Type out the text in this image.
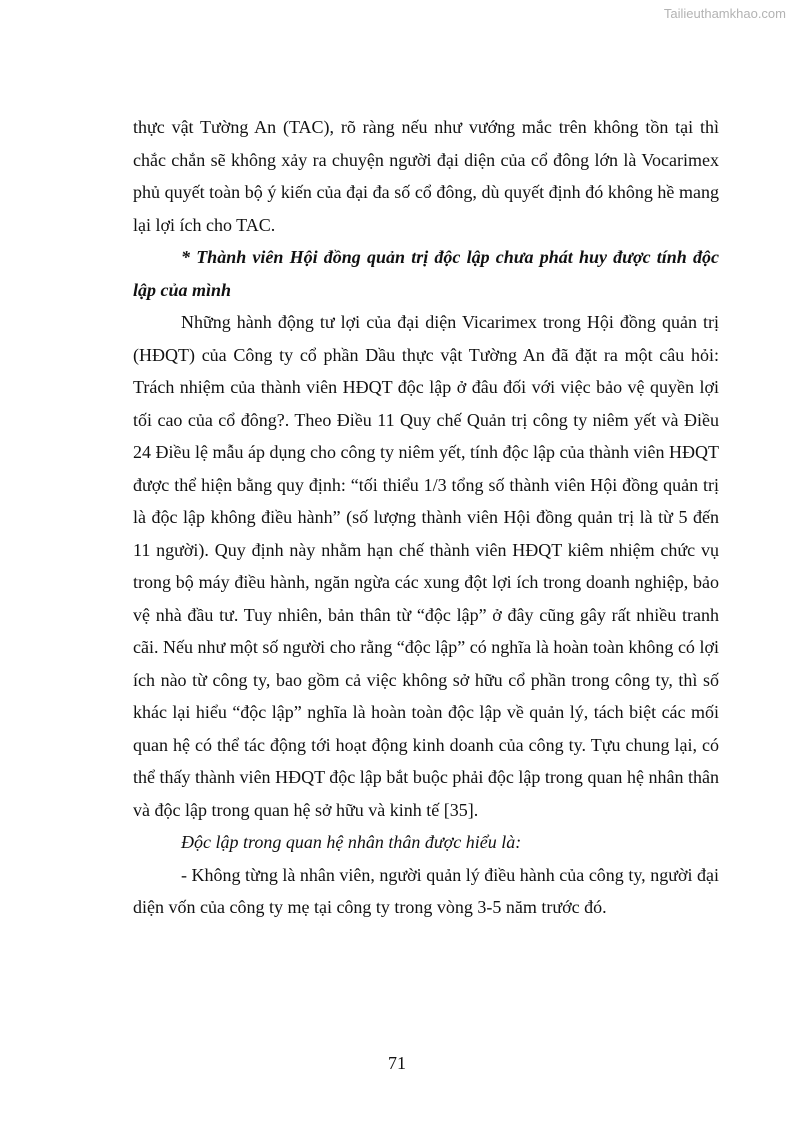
Tailieuthamkhao.com

thực vật Tường An (TAC), rõ ràng nếu như vướng mắc trên không tồn tại thì chắc chắn sẽ không xảy ra chuyện người đại diện của cổ đông lớn là Vocarimex phủ quyết toàn bộ ý kiến của đại đa số cổ đông, dù quyết định đó không hề mang lại lợi ích cho TAC.

* Thành viên Hội đồng quản trị độc lập chưa phát huy được tính độc lập của mình

Những hành động tư lợi của đại diện Vicarimex trong Hội đồng quản trị (HĐQT) của Công ty cổ phần Dầu thực vật Tường An đã đặt ra một câu hỏi: Trách nhiệm của thành viên HĐQT độc lập ở đâu đối với việc bảo vệ quyền lợi tối cao của cổ đông?. Theo Điều 11 Quy chế Quản trị công ty niêm yết và Điều 24 Điều lệ mẫu áp dụng cho công ty niêm yết, tính độc lập của thành viên HĐQT được thể hiện bằng quy định: “tối thiểu 1/3 tổng số thành viên Hội đồng quản trị là độc lập không điều hành” (số lượng thành viên Hội đồng quản trị là từ 5 đến 11 người). Quy định này nhằm hạn chế thành viên HĐQT kiêm nhiệm chức vụ trong bộ máy điều hành, ngăn ngừa các xung đột lợi ích trong doanh nghiệp, bảo vệ nhà đầu tư. Tuy nhiên, bản thân từ “độc lập” ở đây cũng gây rất nhiều tranh cãi. Nếu như một số người cho rằng “độc lập” có nghĩa là hoàn toàn không có lợi ích nào từ công ty, bao gồm cả việc không sở hữu cổ phần trong công ty, thì số khác lại hiểu “độc lập” nghĩa là hoàn toàn độc lập về quản lý, tách biệt các mối quan hệ có thể tác động tới hoạt động kinh doanh của công ty. Tựu chung lại, có thể thấy thành viên HĐQT độc lập bắt buộc phải độc lập trong quan hệ nhân thân và độc lập trong quan hệ sở hữu và kinh tế [35].

Độc lập trong quan hệ nhân thân được hiểu là:

- Không từng là nhân viên, người quản lý điều hành của công ty, người đại diện vốn của công ty mẹ tại công ty trong vòng 3-5 năm trước đó.

71
